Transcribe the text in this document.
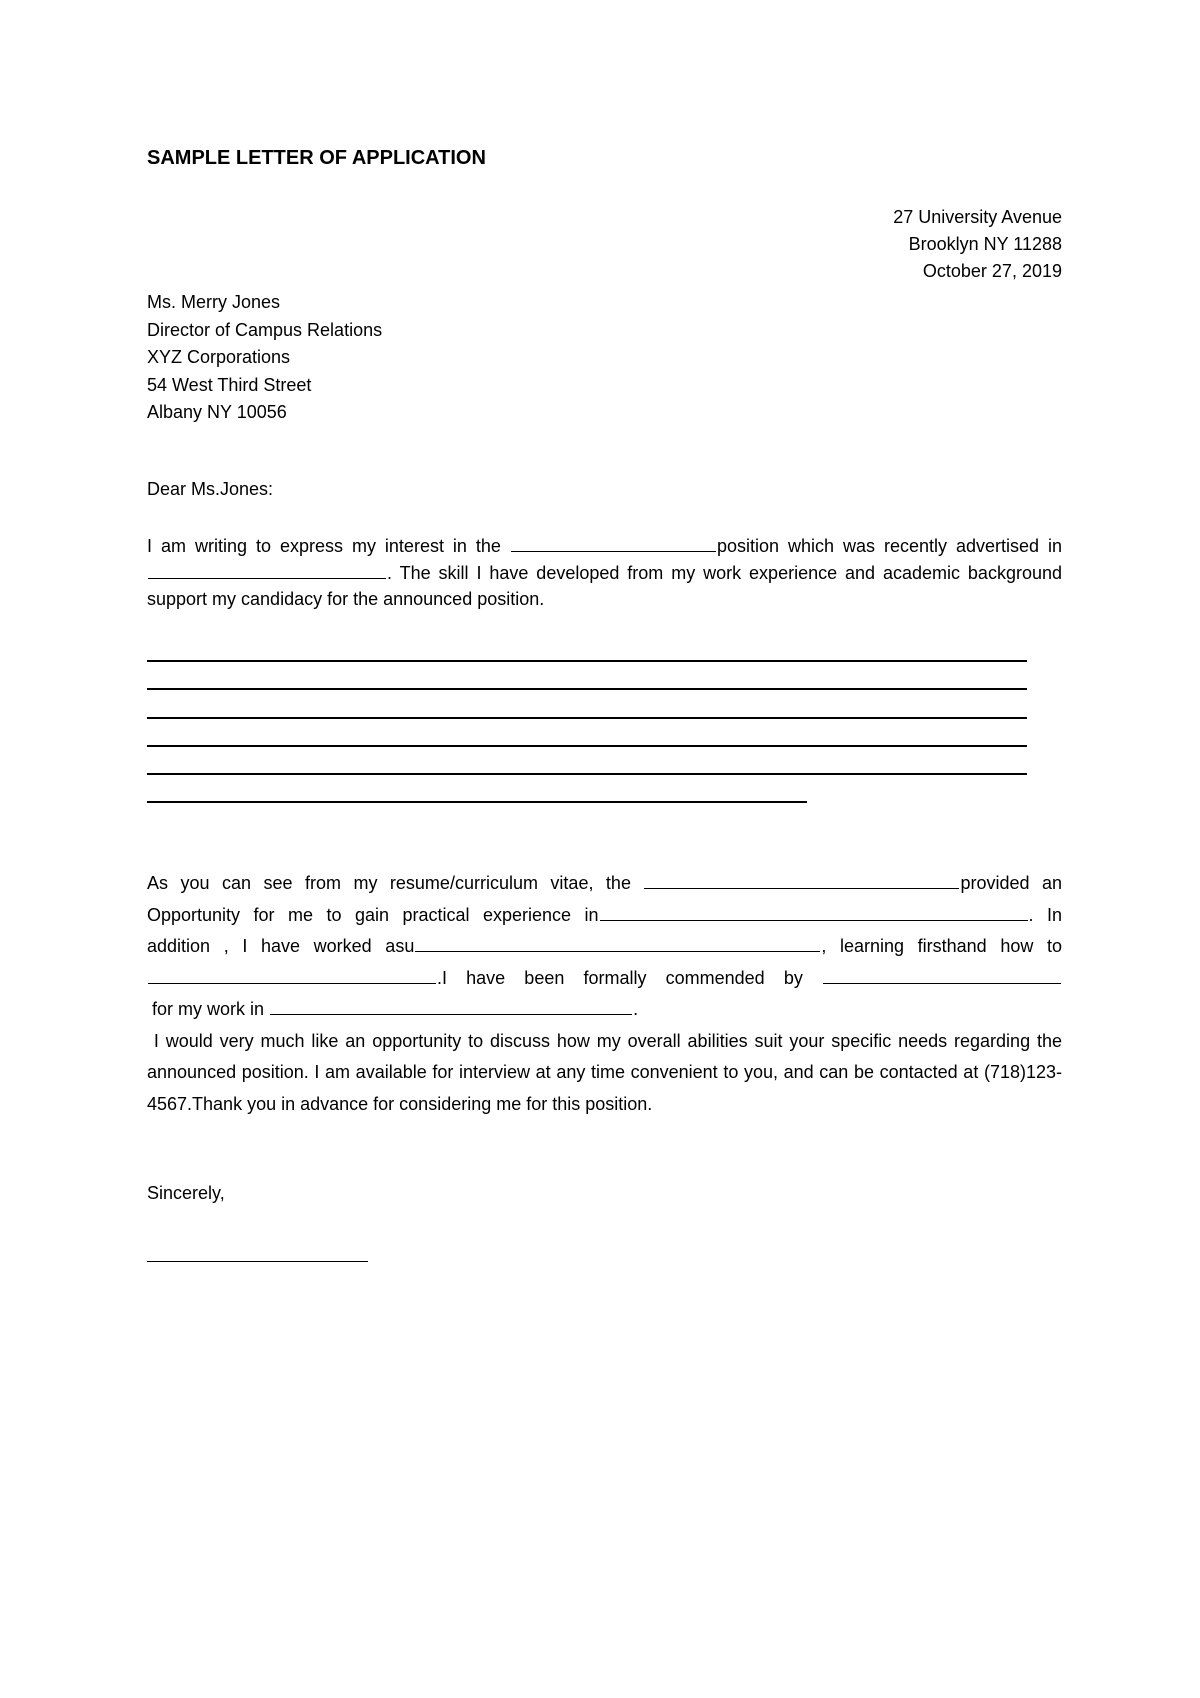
SAMPLE LETTER OF APPLICATION
27 University Avenue
Brooklyn NY 11288
October 27, 2019
Ms. Merry Jones
Director of Campus Relations
XYZ Corporations
54 West Third Street
Albany NY 10056
Dear Ms.Jones:
I am writing to express my interest in the	position which was recently advertised in . The skill I have developed from my work experience and academic background support my candidacy for the announced position.
As you can see from my resume/curriculum vitae, the	provided an Opportunity for me to gain practical experience in	. In addition , I have worked asu	, learning firsthand how to .I have been formally commended by   for my work in	.
I would very much like an opportunity to discuss how my overall abilities suit your specific needs regarding the announced position. I am available for interview at any time convenient to you, and can be contacted at (718)123-4567.Thank you in advance for considering me for this position.
Sincerely,
